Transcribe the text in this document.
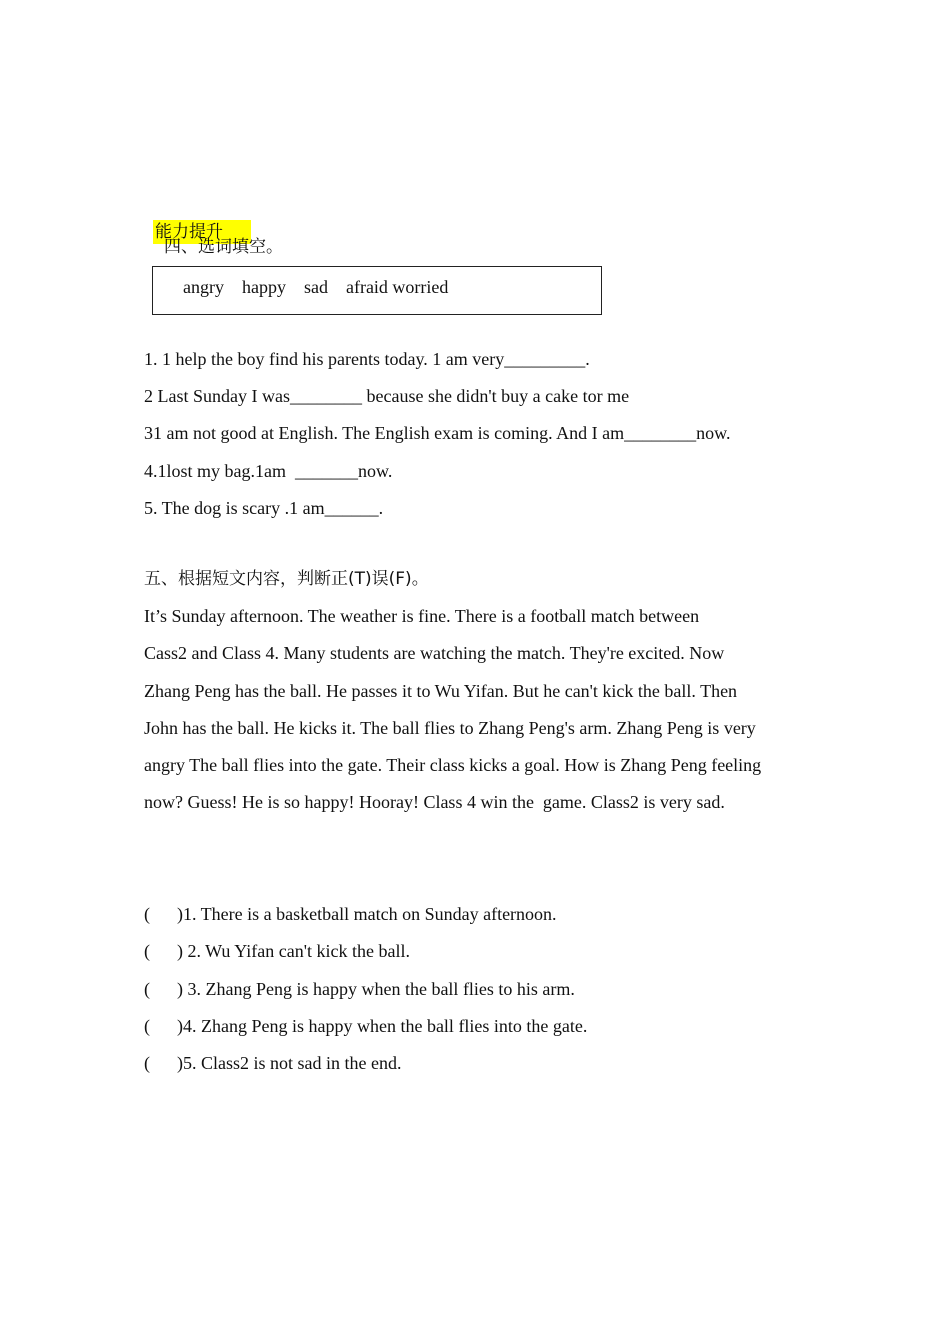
能力提升

四、选词填空。
angry    happy    sad    afraid worried
1. 1 help the boy find his parents today. 1 am very_________.
2 Last Sunday I was________ because she didn't buy a cake tor me
31 am not good at English. The English exam is coming. And I am________now.
4.1lost my bag.1am  _______now.
5. The dog is scary .1 am______.
五、根据短文内容，判断正(T)误(F)。
It’s Sunday afternoon. The weather is fine. There is a football match between
Cass2 and Class 4. Many students are watching the match. They're excited. Now
Zhang Peng has the ball. He passes it to Wu Yifan. But he can't kick the ball. Then
John has the ball. He kicks it. The ball flies to Zhang Peng's arm. Zhang Peng is very
angry The ball flies into the gate. Their class kicks a goal. How is Zhang Peng feeling
now? Guess! He is so happy! Hooray! Class 4 win the  game. Class2 is very sad.
(      )1. There is a basketball match on Sunday afternoon.
(      ) 2. Wu Yifan can't kick the ball.
(      ) 3. Zhang Peng is happy when the ball flies to his arm.
(      )4. Zhang Peng is happy when the ball flies into the gate.
(      )5. Class2 is not sad in the end.
